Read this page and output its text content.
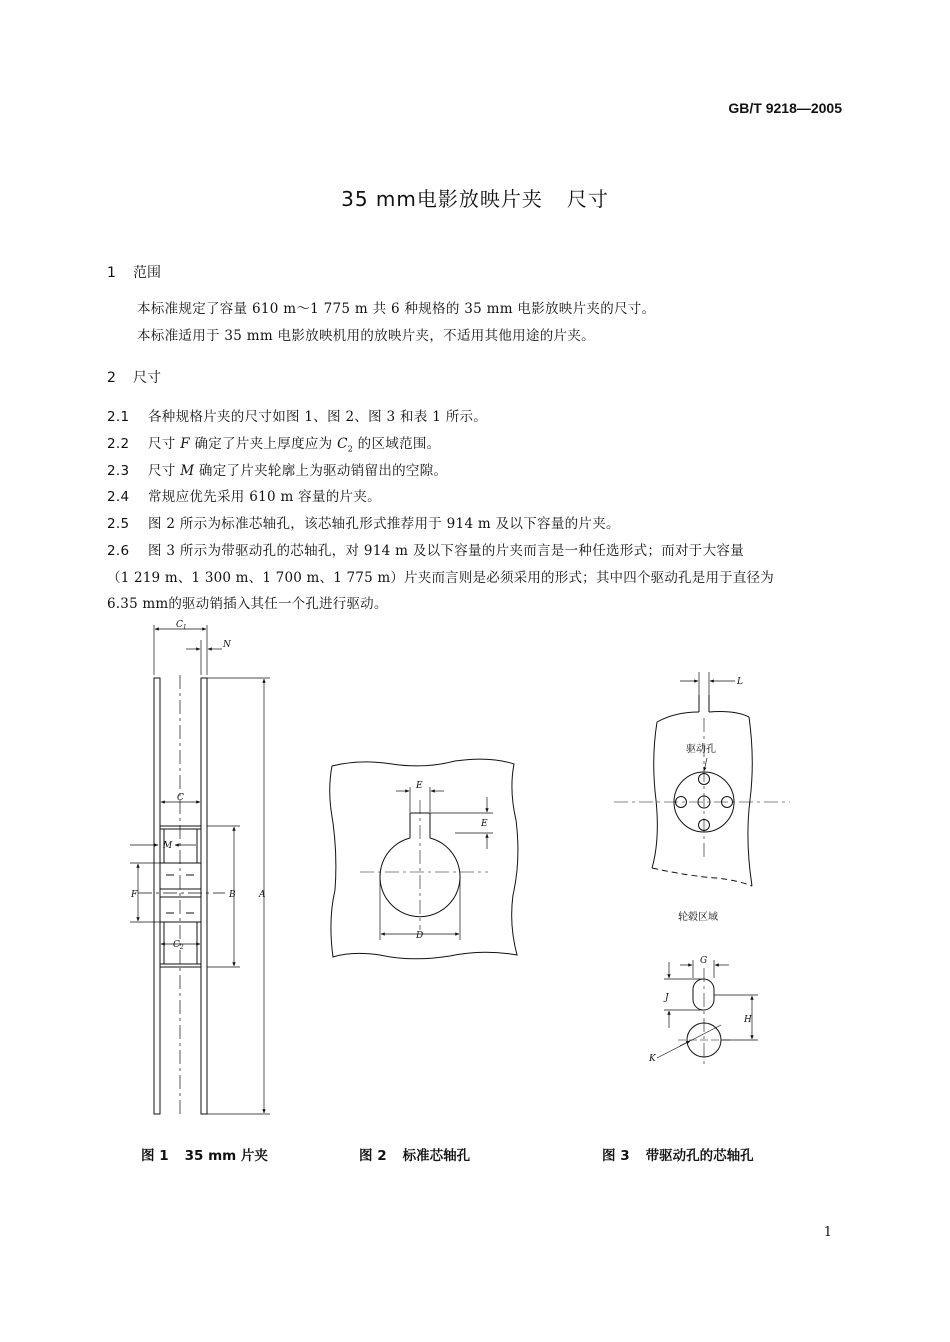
GB/T 9218—2005
35 mm电影放映片夹 尺寸
1 范围
本标准规定了容量 610 m～1 775 m 共 6 种规格的 35 mm 电影放映片夹的尺寸。
本标准适用于 35 mm 电影放映机用的放映片夹，不适用其他用途的片夹。
2 尺寸
2.1 各种规格片夹的尺寸如图 1、图 2、图 3 和表 1 所示。
2.2 尺寸 F 确定了片夹上厚度应为 $C_2$ 的区域范围。
2.3 尺寸 M 确定了片夹轮廓上为驱动销留出的空隙。
2.4 常规应优先采用 610 m 容量的片夹。
2.5 图 2 所示为标准芯轴孔，该芯轴孔形式推荐用于 914 m 及以下容量的片夹。
2.6 图 3 所示为带驱动孔的芯轴孔，对 914 m 及以下容量的片夹而言是一种任选形式；而对于大容量
（1 219 m、1 300 m、1 700 m、1 775 m）片夹而言则是必须采用的形式；其中四个驱动孔是用于直径为
6.35 mm的驱动销插入其任一个孔进行驱动。
$C_1$
N
C
M
F	B	A
$C_2$
E
E
D
L
驱动孔
轮毂区域
G
J
H
K
图 1 35 mm 片夹	图 2 标准芯轴孔	图 3 带驱动孔的芯轴孔
1
